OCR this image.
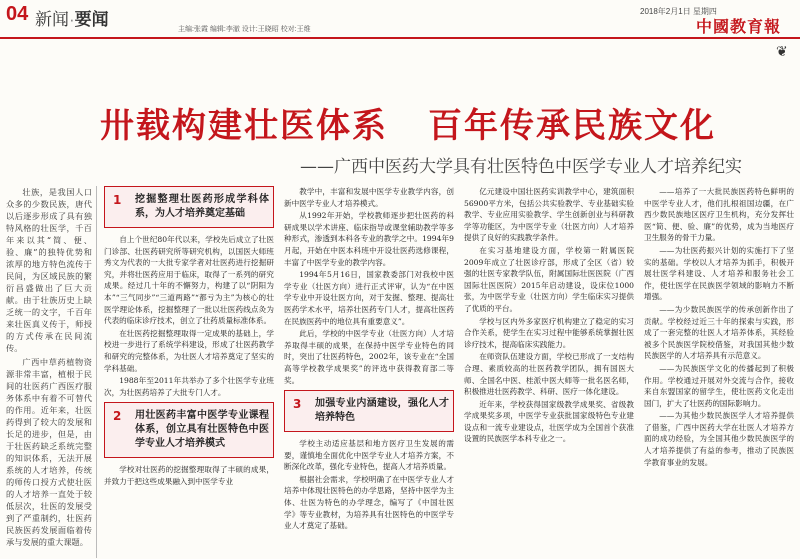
04 新闻·要闻
主编:张霞 编辑:李澈 设计:王晓昭 校对:王维
2018年2月1日 星期四
中國教育報
❦
卅载构建壮医体系 百年传承民族文化
——广西中医药大学具有壮医特色中医学专业人才培养纪实

壮族，是我国人口众多的少数民族，唐代以后逐步形成了具有独特风格的壮医学，千百年来以其“简、便、验、廉”的独特优势和浓厚的地方特色流传于民间，为区域民族的繁衍昌盛做出了巨大贡献。由于壮族历史上缺乏统一的文字，千百年来壮医真义传于，师授的方式传承在民间流传。

广西中草药植物资源非常丰富，植根于民间的壮医药广西医疗服务体系中有着不可替代的作用。近年来，壮医药得到了较大的发展和长足的进步，但是，由于壮医药缺乏系统完整的知识体系，无法开展系统的人才培养，传统的师传口授方式使壮医的人才培养一直处于较低层次，壮医的发展受到了严重制约，壮医药民族医药发展面临着传承与发展的重大课题。

1 挖掘整理壮医药形成学科体系，为人才培养奠定基础

自上个世纪80年代以来，学校先后成立了壮医门诊部、壮医药研究所等研究机构，以国医大师班秀文为代表的一大批专家学者对壮医药进行挖掘研究，并将壮医药应用于临床，取得了一系列的研究成果。经过几十年的不懈努力，构建了以“阴阳为本”“三气同步”“三道两路”“都亏为主”为核心的壮医学理论体系，挖掘整理了一批以壮医药线点灸为代表的临床诊疗技术，创立了壮药质量标准体系。

在壮医药挖掘整理取得一定成果的基础上，学校进一步进行了系统学科建设，形成了壮医药教学和研究的完整体系，为壮医人才培养奠定了坚实的学科基础。

1988年至2011年共举办了多个壮医学专业班次，为壮医药培养了大批专门人才。

2 用壮医药丰富中医学专业课程体系，创立具有壮医特色中医学专业人才培养模式

学校对壮医药的挖掘整理取得了丰硕的成果，并致力于把这些成果融入到中医学专业

教学中，丰富和发展中医学专业教学内容，创新中医学专业人才培养模式。

从1992年开始，学校教师逐步把壮医药的科研成果以学术讲座、临床指导或课堂辅助教学等多种形式，渗透到本科各专业的教学之中。1994年9月起，开始在中医本科班中开设壮医药选修课程，丰富了中医学专业的教学内容。

1994年5月16日，国家教委部门对我校中医学专业（壮医方向）进行正式评审，认为“在中医学专业中开设壮医方向，对于发掘、整理、提高壮医药学术水平，培养壮医药专门人才，提高壮医药在民族医药中的地位具有重要意义”。

此后，学校的中医学专业（壮医方向）人才培养取得丰硕的成果，在保持中医学专业特色的同时，突出了壮医药特色，2002年，该专业在“全国高等学校教学成果奖”的评选中获得教育部二等奖。

3 加强专业内涵建设，强化人才培养特色

学校主动适应基层和地方医疗卫生发展的需要，谨慎地全面优化中医学专业人才培养方案，不断深化改革，强化专业特色，提高人才培养质量。

根据社会需求，学校明确了在中医学专业人才培养中体现壮医特色的办学思路，坚持中医学为主体、壮医为特色的办学理念，编写了《中国壮医学》等专业教材，为培养具有壮医特色的中医学专业人才奠定了基础。

亿元建设中国壮医药实训教学中心，建筑面积56900平方米，包括公共实验教学、专业基础实验教学、专业应用实验教学、学生创新创业与科研教学等功能区，为中医学专业（壮医方向）人才培养提供了良好的实践教学条件。

在实习基地建设方面，学校第一附属医院2009年成立了壮医诊疗部，形成了全区（省）较强的壮医专家教学队伍，附属国际壮医医院（广西国际壮医医院）2015年启动建设，设床位1000张，为中医学专业（壮医方向）学生临床实习提供了优质的平台。

学校与区内外多家医疗机构建立了稳定的实习合作关系，使学生在实习过程中能够系统掌握壮医诊疗技术，提高临床实践能力。

在师资队伍建设方面，学校已形成了一支结构合理、素质较高的壮医药教学团队，拥有国医大师、全国名中医、桂派中医大师等一批名医名师，积极推进壮医药教学、科研、医疗一体化建设。

近年来，学校获得国家级教学成果奖、省级教学成果奖多项，中医学专业获批国家级特色专业建设点和一流专业建设点，壮医学成为全国首个获准设置的民族医学本科专业之一。

——培养了一大批民族医药特色鲜明的中医学专业人才，他们扎根祖国边疆，在广西少数民族地区医疗卫生机构，充分发挥壮医“简、便、验、廉”的优势，成为当地医疗卫生服务的骨干力量。

——为壮医药振兴计划的实施打下了坚实的基础。学校以人才培养为抓手，积极开展壮医学科建设、人才培养和服务社会工作，使壮医学在民族医学领域的影响力不断增强。

——为少数民族医学的传承创新作出了贡献。学校经过近三十年的探索与实践，形成了一套完整的壮医人才培养体系，其经验被多个民族医学院校借鉴，对我国其他少数民族医学的人才培养具有示范意义。

——为民族医学文化的传播起到了积极作用。学校通过开展对外交流与合作，接收来自东盟国家的留学生，使壮医药文化走出国门，扩大了壮医药的国际影响力。

——为其他少数民族医学人才培养提供了借鉴，广西中医药大学在壮医人才培养方面的成功经验，为全国其他少数民族医学的人才培养提供了有益的参考，推动了民族医学教育事业的发展。
